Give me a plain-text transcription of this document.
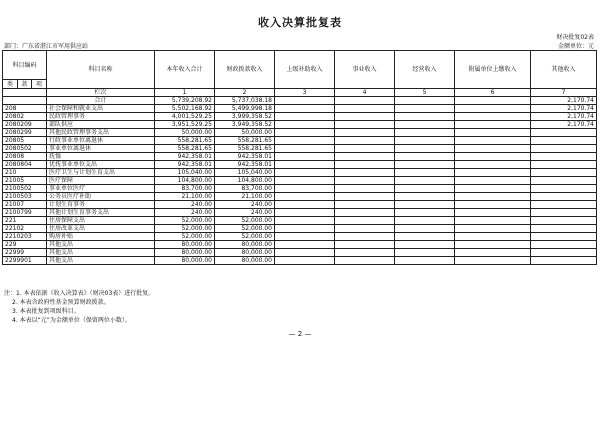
收入决算批复表
财决批复02表
部门：广东省湛江市军用供应站	金额单位：元
科目编码			科目名称	本年收入合计	财政拨款收入	上级补助收入	事业收入	经营收入	附属单位上缴收入	其他收入
类	款	项								
			栏次	1	2	3	4	5	6	7
			合计	5,739,208.92	5,737,038.18					2,170.74
208			社会保障和就业支出	5,502,168.92	5,499,998.18					2,170.74
20802			民政管理事务	4,001,529.25	3,999,358.52					2,170.74
2080209			部队供应	3,951,529.25	3,949,358.52					2,170.74
2080299			其他民政管理事务支出	50,000.00	50,000.00					
20805			行政事业单位离退休	558,281.65	558,281.65					
2080502			事业单位离退休	558,281.65	558,281.65					
20808			抚恤	942,358.01	942,358.01					
2080804			优抚事业单位支出	942,358.01	942,358.01					
210			医疗卫生与计划生育支出	105,040.00	105,040.00					
21005			医疗保障	104,800.00	104,800.00					
2100502			事业单位医疗	83,700.00	83,700.00					
2100503			公务员医疗补助	21,100.00	21,100.00					
21007			计划生育事务	240.00	240.00					
2100799			其他计划生育事务支出	240.00	240.00					
221			住房保障支出	52,000.00	52,000.00					
22102			住房改革支出	52,000.00	52,000.00					
2210203			购房补贴	52,000.00	52,000.00					
229			其他支出	80,000.00	80,000.00					
22999			其他支出	80,000.00	80,000.00					
2299901			其他支出	80,000.00	80,000.00					
注：1. 本表依据《收入决算表》（财决03表）进行批复。
2. 本表含政府性基金预算财政拨款。
3. 本表批复到项级科目。
4. 本表以“元”为金额单位（保留两位小数）。
— 2 —
